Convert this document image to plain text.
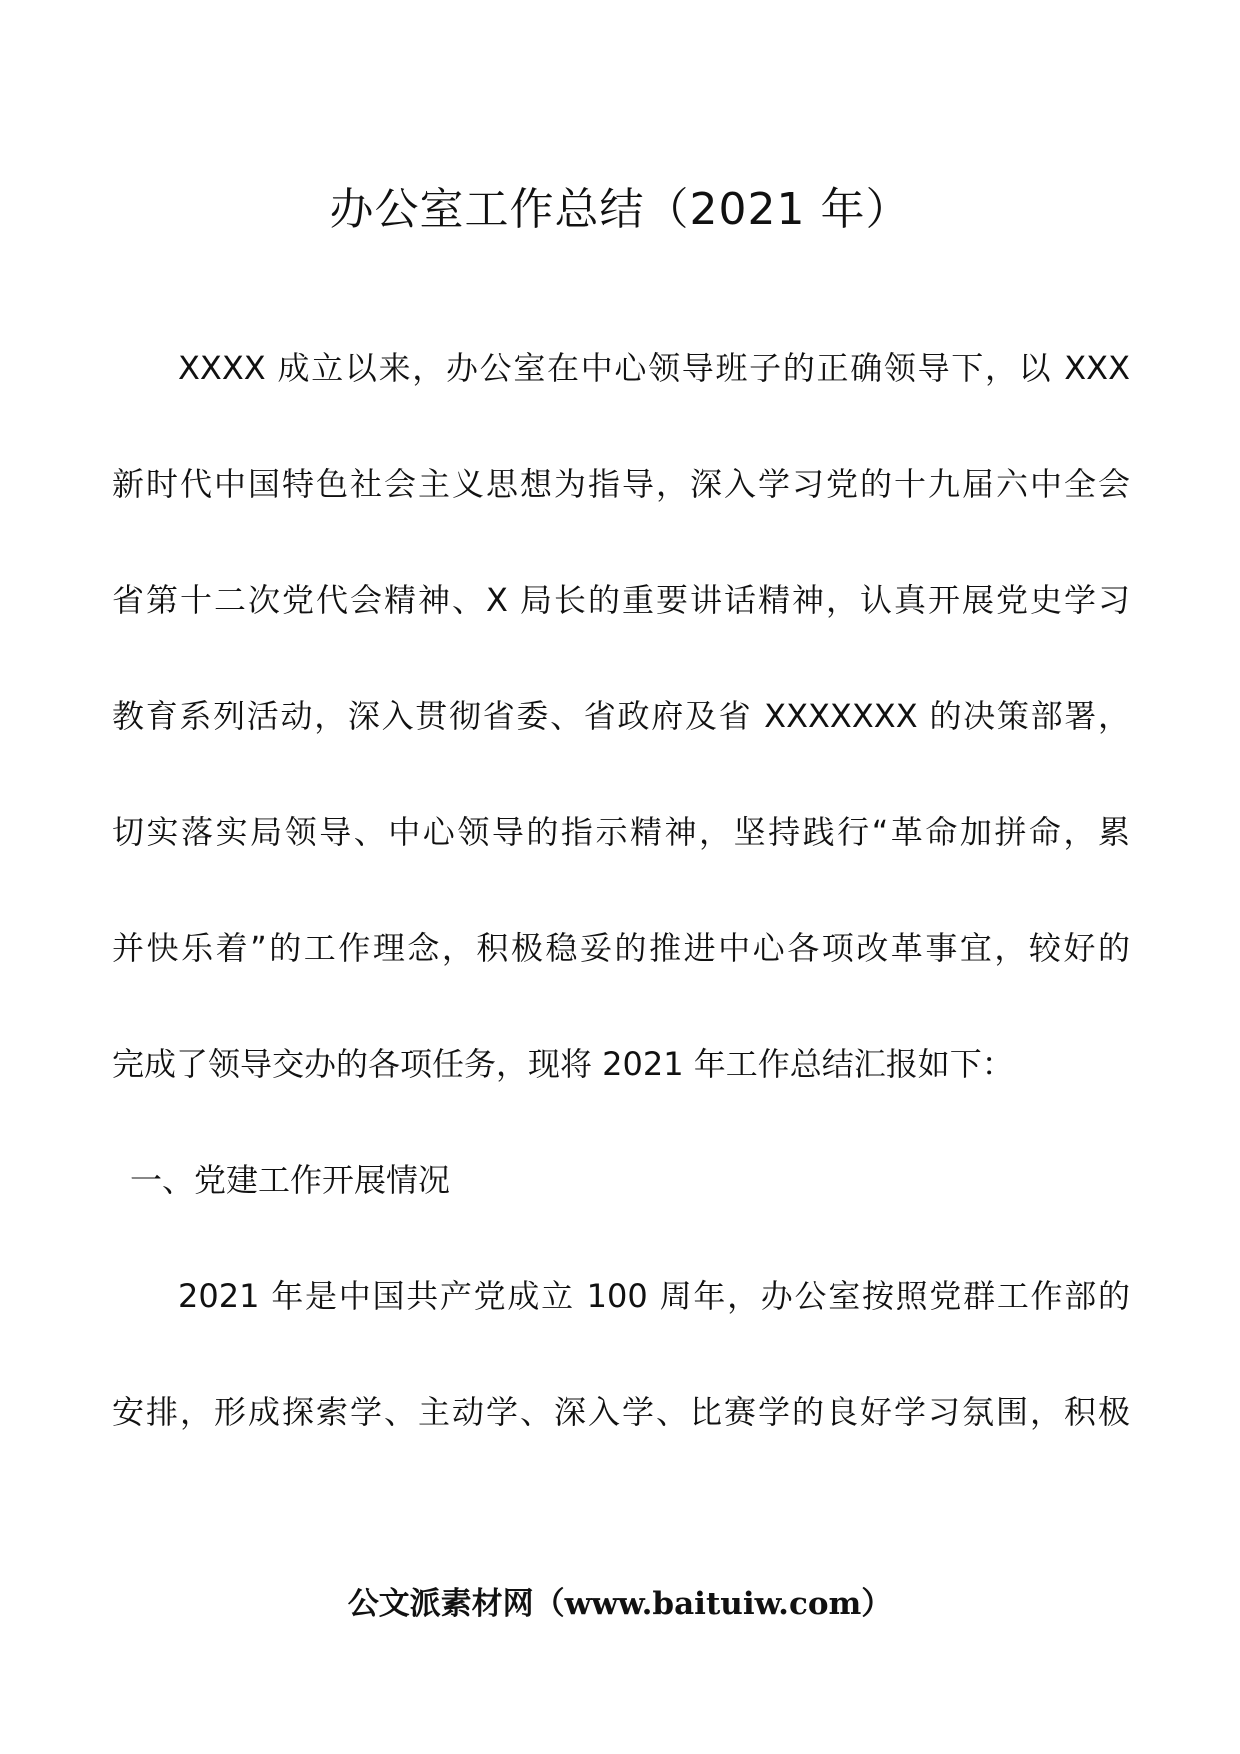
办公室工作总结（2021 年）
XXXX 成立以来，办公室在中心领导班子的正确领导下，以 XXX
新时代中国特色社会主义思想为指导，深入学习党的十九届六中全会
省第十二次党代会精神、X 局长的重要讲话精神，认真开展党史学习
教育系列活动，深入贯彻省委、省政府及省 XXXXXXX 的决策部署，
切实落实局领导、中心领导的指示精神，坚持践行“革命加拼命，累
并快乐着”的工作理念，积极稳妥的推进中心各项改革事宜，较好的
完成了领导交办的各项任务，现将 2021 年工作总结汇报如下：
一、党建工作开展情况
2021 年是中国共产党成立 100 周年，办公室按照党群工作部的
安排，形成探索学、主动学、深入学、比赛学的良好学习氛围，积极
公文派素材网（www.baituiw.com）
